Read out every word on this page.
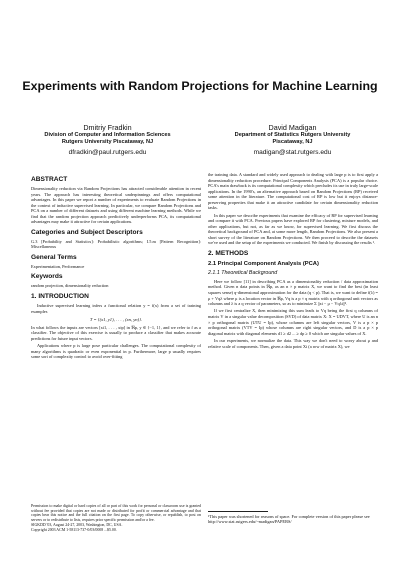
Experiments with Random Projections for Machine Learning
Dmitriy Fradkin
Division of Computer and Information Sciences
Rutgers University Piscataway, NJ
dfradkin@paul.rutgers.edu
David Madigan
Department of Statistics Rutgers University
Piscataway, NJ
madigan@stat.rutgers.edu
ABSTRACT

Dimensionality reduction via Random Projections has attracted considerable attention in recent years. The approach has interesting theoretical underpinnings and offers computational advantages. In this paper we report a number of experiments to evaluate Random Projections in the context of inductive supervised learning. In particular, we compare Random Projections and PCA on a number of different datasets and using different machine learning methods. While we find that the random projection approach predictively underperforms PCA, its computational advantages may make it attractive for certain applications.

Categories and Subject Descriptors

G.3 [Probability and Statistics]: Probabilistic algorithms; I.5.m [Pattern Recognition]: Miscellaneous

General Terms

Experimentation, Performance

Keywords

random projection, dimensionality reduction

1. INTRODUCTION

Inductive supervised learning infers a functional relation y = f(x) from a set of training examples

T = {(x1, y1), . . . , (xn, yn)}.

In what follows the inputs are vectors [xi1, . . . , xip] in ℜp, y ∈ {−1, 1}, and we refer to f as a classifier. The objective of this exercise is usually to produce a classifier that makes accurate predictions for future input vectors.

Applications where p is large pose particular challenges. The computational complexity of many algorithms is quadratic or even exponential in p. Furthermore, large p usually requires some sort of complexity control to avoid over-fitting

Permission to make digital or hard copies of all or part of this work for personal or classroom use is granted without fee provided that copies are not made or distributed for profit or commercial advantage and that copies bear this notice and the full citation on the first page. To copy otherwise, or republish, to post on servers or to redistribute to lists, requires prior specific permission and/or a fee.
SIGKDD '03, August 24-27, 2003, Washington, DC, USA.
Copyright 2003 ACM 1-58113-737-0/03/0008 ...$5.00.

the training data. A standard and widely used approach to dealing with large p is to first apply a dimensionality reduction procedure. Principal Components Analysis (PCA) is a popular choice. PCA's main drawback is its computational complexity which precludes its use in truly large-scale applications. In the 1990's, an alternative approach based on Random Projections (RP) received some attention in the literature. The computational cost of RP is low but it enjoys distance-preserving properties that make it an attractive candidate for certain dimensionality reduction tasks.

In this paper we describe experiments that examine the efficacy of RP for supervised learning and compare it with PCA. Previous papers have explored RP for clustering, mixture models, and other applications, but not, as far as we know, for supervised learning. We first discuss the theoretical background of PCA and, at some more length, Random Projections. We also present a short survey of the literature on Random Projections. We then proceed to describe the datasets we've used and the setup of the experiments we conducted. We finish by discussing the results ¹.

2. METHODS
2.1 Principal Component Analysis (PCA)
2.1.1 Theoretical Background

Here we follow [11] in describing PCA as a dimensionality reduction / data approximation method. Given n data points in ℜp, as an n × p matrix X, we want to find the best (in least squares sense) q-dimensional approximation for the data (q < p). That is, we want to define f(λ) = μ + Vqλ where μ is a location vector in ℜp, Vq is a p × q matrix with q orthogonal unit vectors as columns and λ is a q vector of parameters, so as to minimize Σ ||xi − μ − Vqλi||².

If we first centralize X, then minimizing this sum leads to Vq being the first q columns of matrix V in a singular value decomposition (SVD) of data matrix X: X = UDVT, where U is an n × p orthogonal matrix (UTU = Ip), whose columns are left singular vectors, V is a p × p orthogonal matrix (VTV = Ip) whose columns are right singular vectors, and D is a p × p diagonal matrix with diagonal elements d1 ≥ d2 ... ≥ dp ≥ 0 which are singular values of X.

In our experiments, we normalize the data. This way we don't need to worry about μ and relative scale of components. Then, given a data point Xi (a row of matrix X), we

¹This paper was shortened for reasons of space. For complete version of this paper please see http://www.stat.rutgers.edu/~madigan/PAPERS/
